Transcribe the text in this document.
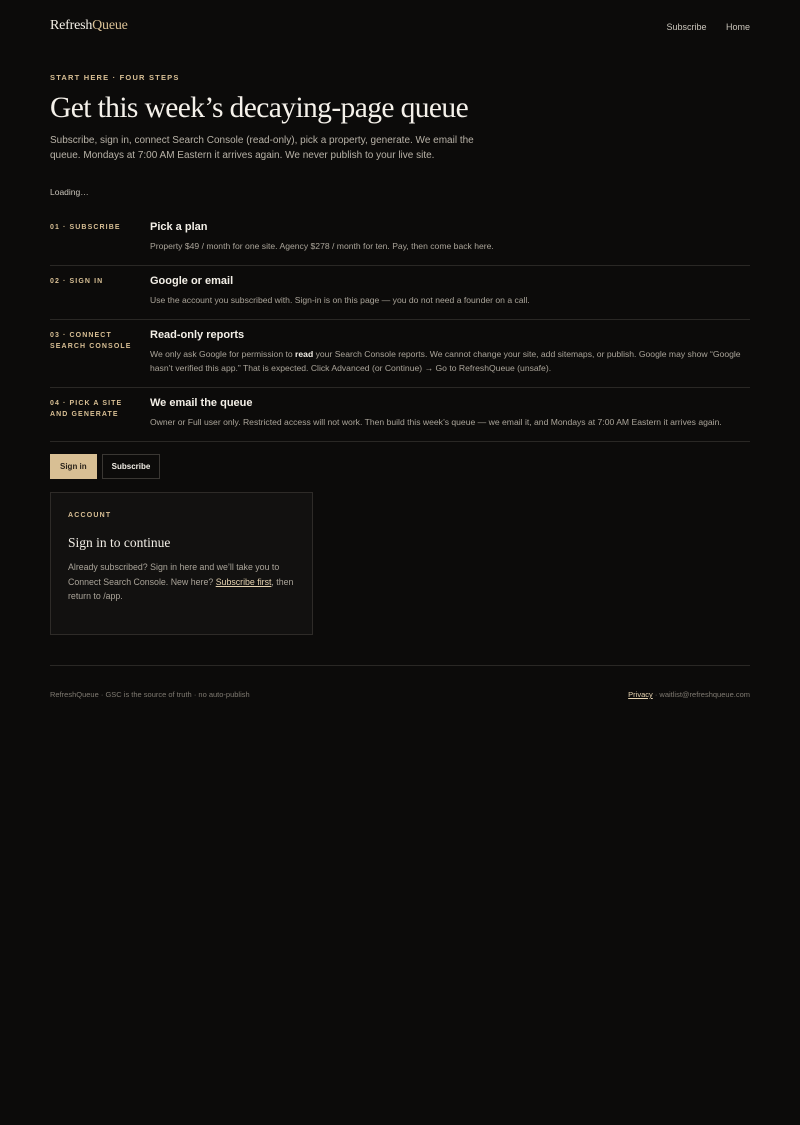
RefreshQueue	Subscribe Home
START HERE · FOUR STEPS
Get this week’s decaying-page queue

Subscribe, sign in, connect Search Console (read-only), pick a property, generate. We email the queue. Mondays at 7:00 AM Eastern it arrives again. We never publish to your live site.

Loading…
01 · SUBSCRIBE	Pick a plan

Property $49 / month for one site. Agency $278 / month for ten. Pay, then come back here.

02 · SIGN IN	Google or email

Use the account you subscribed with. Sign-in is on this page — you do not need a founder on a call.

03 · CONNECT SEARCH CONSOLE
Read-only reports

We only ask Google for permission to read your Search Console reports. We cannot change your site, add sitemaps, or publish. Google may show “Google hasn’t verified this app.” That is expected. Click Advanced (or Continue) → Go to RefreshQueue (unsafe).

04 · PICK A SITE AND GENERATE
We email the queue

Owner or Full user only. Restricted access will not work. Then build this week’s queue — we email it, and Mondays at 7:00 AM Eastern it arrives again.

Sign in	Subscribe
ACCOUNT
Sign in to continue
Already subscribed? Sign in here and we’ll take you to Connect Search Console. New here? Subscribe first, then return to /app.
RefreshQueue · GSC is the source of truth · no auto-publish	Privacy · waitlist@refreshqueue.com
